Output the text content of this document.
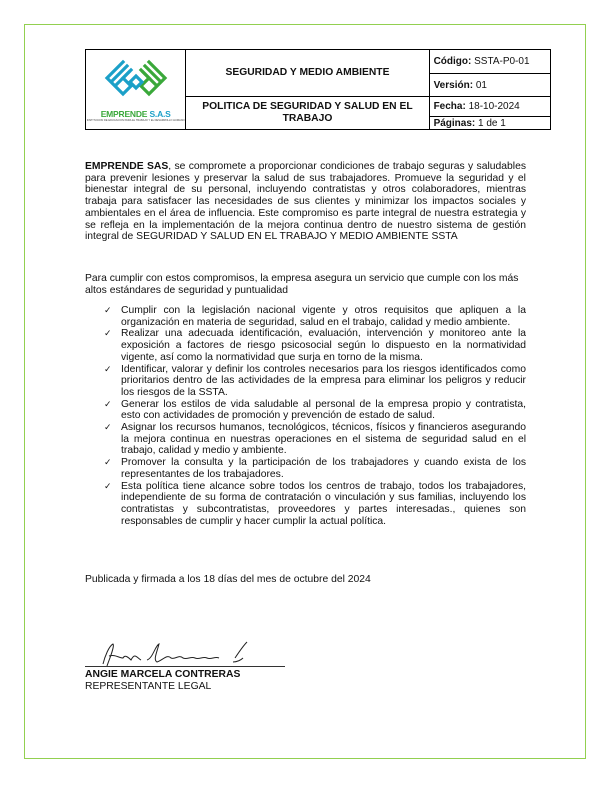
EMPRENDE S.A.S
INSTITUCION DE EDUCACION PARA EL TRABAJO Y EL DESARROLLO HUMANO	SEGURIDAD Y MEDIO AMBIENTE	Código: SSTA-P0-01
		Versión: 01
	POLITICA DE SEGURIDAD Y SALUD EN EL TRABAJO	Fecha: 18-10-2024
		Páginas: 1 de 1

EMPRENDE SAS, se compromete a proporcionar condiciones de trabajo seguras y saludables para prevenir lesiones y preservar la salud de sus trabajadores. Promueve la seguridad y el bienestar integral de su personal, incluyendo contratistas y otros colaboradores, mientras trabaja para satisfacer las necesidades de sus clientes y minimizar los impactos sociales y ambientales en el área de influencia. Este compromiso es parte integral de nuestra estrategia y se refleja en la implementación de la mejora continua dentro de nuestro sistema de gestión integral de SEGURIDAD Y SALUD EN EL TRABAJO Y MEDIO AMBIENTE SSTA

Para cumplir con estos compromisos, la empresa asegura un servicio que cumple con los más altos estándares de seguridad y puntualidad

✓ Cumplir con la legislación nacional vigente y otros requisitos que apliquen a la organización en materia de seguridad, salud en el trabajo, calidad y medio ambiente.
✓ Realizar una adecuada identificación, evaluación, intervención y monitoreo ante la exposición a factores de riesgo psicosocial según lo dispuesto en la normatividad vigente, así como la normatividad que surja en torno de la misma.
✓ Identificar, valorar y definir los controles necesarios para los riesgos identificados como prioritarios dentro de las actividades de la empresa para eliminar los peligros y reducir los riesgos de la SSTA.
✓ Generar los estilos de vida saludable al personal de la empresa propio y contratista, esto con actividades de promoción y prevención de estado de salud.
✓ Asignar los recursos humanos, tecnológicos, técnicos, físicos y financieros asegurando la mejora continua en nuestras operaciones en el sistema de seguridad salud en el trabajo, calidad y medio y ambiente.
✓ Promover la consulta y la participación de los trabajadores y cuando exista de los representantes de los trabajadores.
✓ Esta política tiene alcance sobre todos los centros de trabajo, todos los trabajadores, independiente de su forma de contratación o vinculación y sus familias, incluyendo los contratistas y subcontratistas, proveedores y partes interesadas., quienes son responsables de cumplir y hacer cumplir la actual política.
Publicada y firmada a los 18 días del mes de octubre del 2024
ANGIE MARCELA CONTRERAS
REPRESENTANTE LEGAL
